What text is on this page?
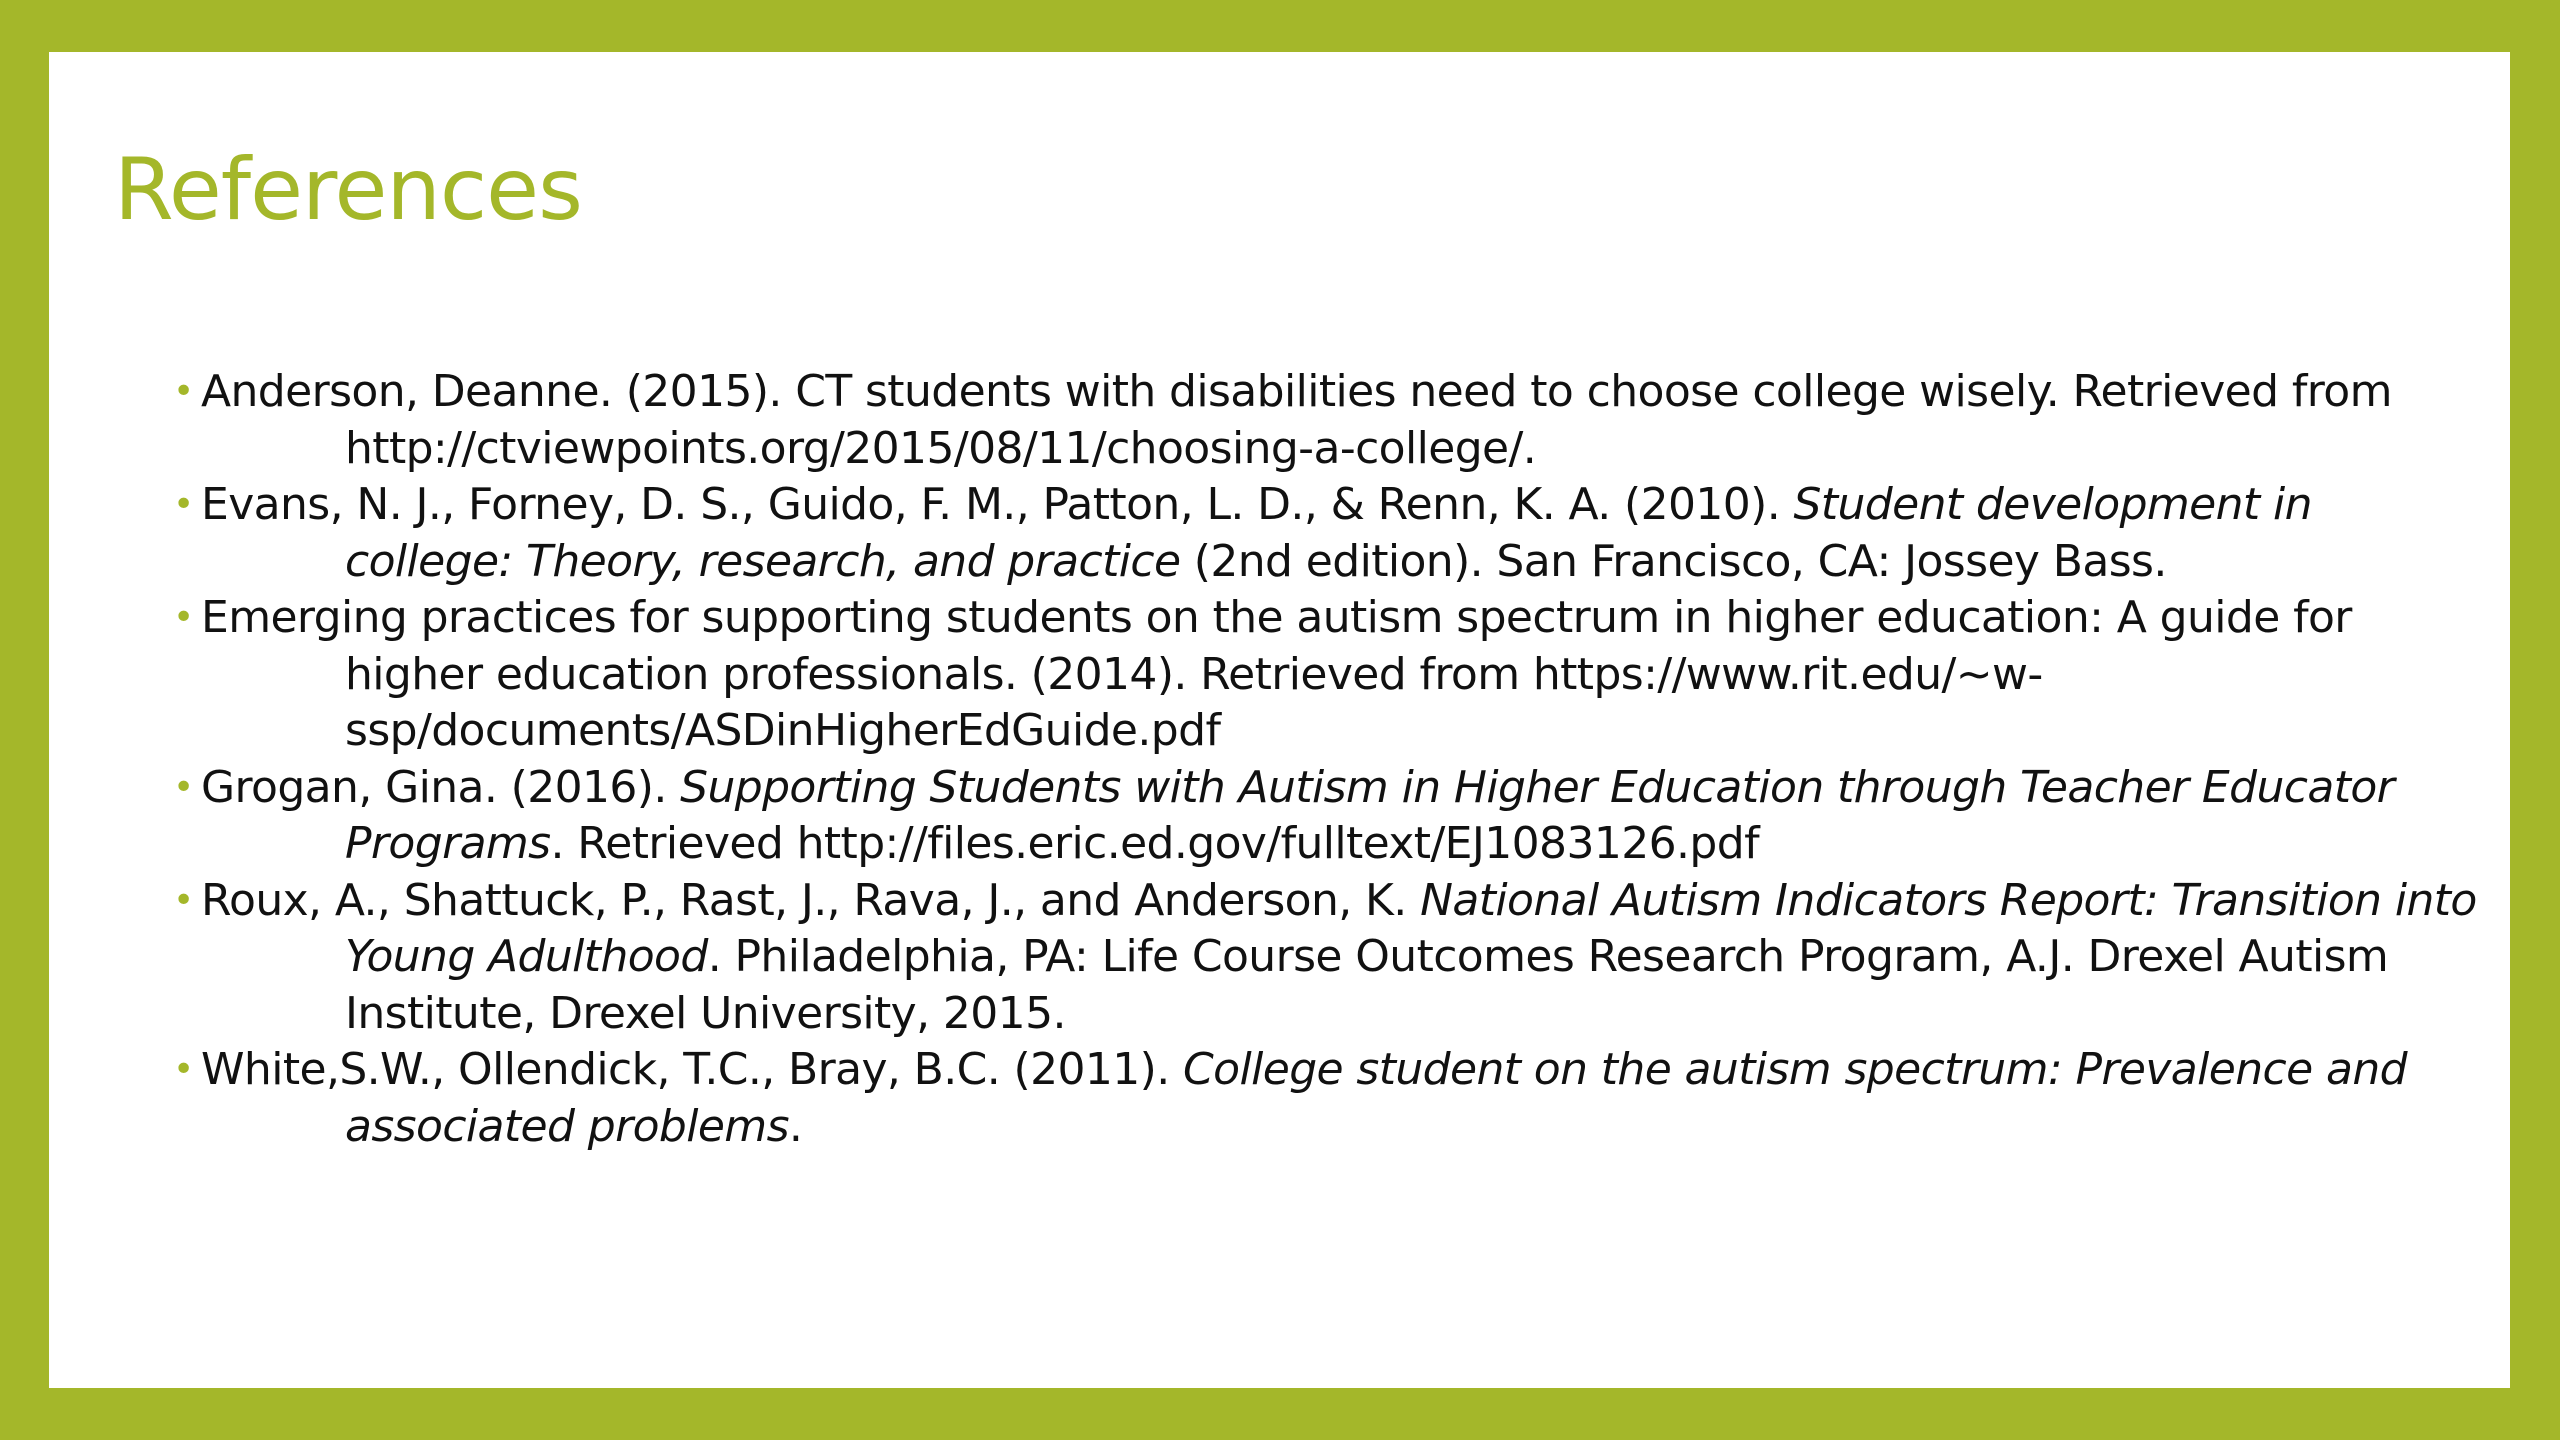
References
• Anderson, Deanne. (2015). CT students with disabilities need to choose college wisely. Retrieved from http://ctviewpoints.org/2015/08/11/choosing-a-college/.
• Evans, N. J., Forney, D. S., Guido, F. M., Patton, L. D., & Renn, K. A. (2010). Student development in college: Theory, research, and practice (2nd edition). San Francisco, CA: Jossey Bass.
• Emerging practices for supporting students on the autism spectrum in higher education: A guide for higher education professionals. (2014). Retrieved from https://www.rit.edu/~w-ssp/documents/ASDinHigherEdGuide.pdf
• Grogan, Gina. (2016). Supporting Students with Autism in Higher Education through Teacher Educator Programs. Retrieved http://files.eric.ed.gov/fulltext/EJ1083126.pdf
• Roux, A., Shattuck, P., Rast, J., Rava, J., and Anderson, K. National Autism Indicators Report: Transition into Young Adulthood. Philadelphia, PA: Life Course Outcomes Research Program, A.J. Drexel Autism Institute, Drexel University, 2015.
• White,S.W., Ollendick, T.C., Bray, B.C. (2011). College student on the autism spectrum: Prevalence and associated problems.
